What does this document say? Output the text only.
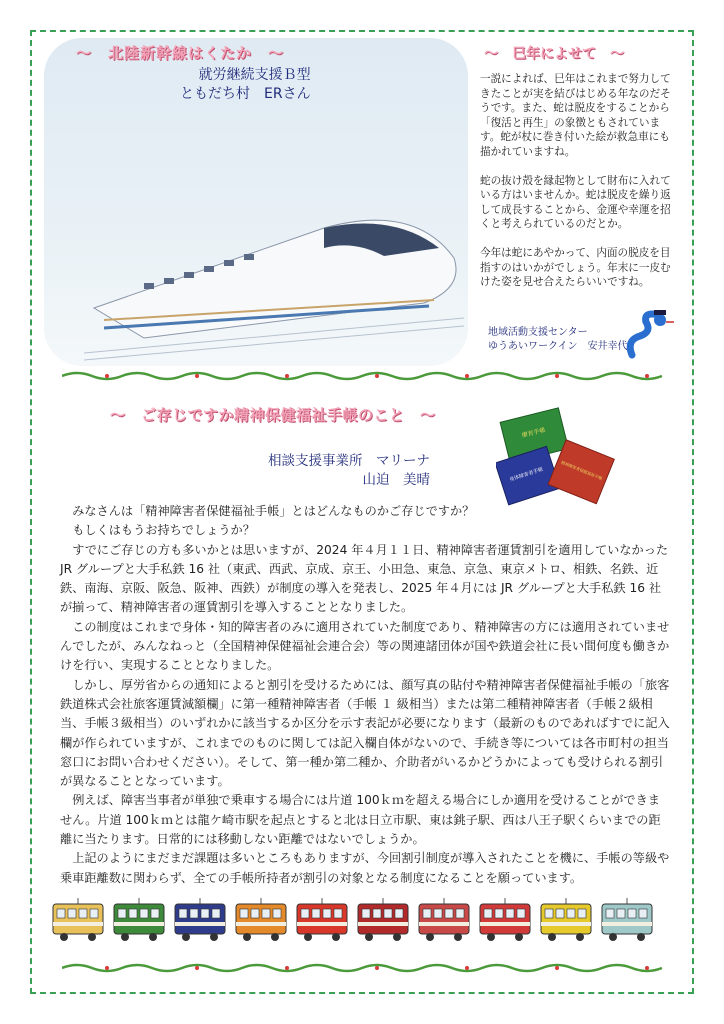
～　北陸新幹線はくたか　～
就労継続支援Ｂ型
ともだち村　ERさん
～　巳年によせて　～

一説によれば、巳年はこれまで努力してきたことが実を結びはじめる年なのだそうです。また、蛇は脱皮をすることから「復活と再生」の象徴ともされています。蛇が杖に巻き付いた絵が救急車にも描かれていますね。

蛇の抜け殻を縁起物として財布に入れている方はいませんか。蛇は脱皮を繰り返して成長することから、金運や幸運を招くと考えられているのだとか。

今年は蛇にあやかって、内面の脱皮を目指すのはいかがでしょう。年末に一皮むけた姿を見せ合えたらいいですね。

地域活動支援センター
ゆうあいワークイン　安井幸代
～　ご存じですか精神保健福祉手帳のこと　～
相談支援事業所　マリーナ
山迫　美晴
療育手帳
身体障害者手帳	精神障害者保健福祉手帳

みなさんは「精神障害者保健福祉手帳」とはどんなものかご存じですか？

もしくはもうお持ちでしょうか？

すでにご存じの方も多いかとは思いますが、2024 年４月１１日、精神障害者運賃割引を適用していなかった JR グループと大手私鉄 16 社（東武、西武、京成、京王、小田急、東急、京急、東京メトロ、相鉄、名鉄、近鉄、南海、京阪、阪急、阪神、西鉄）が制度の導入を発表し、2025 年４月には JR グループと大手私鉄 16 社が揃って、精神障害者の運賃割引を導入することとなりました。

この制度はこれまで身体・知的障害者のみに適用されていた制度であり、精神障害の方には適用されていませんでしたが、みんなねっと（全国精神保健福祉会連合会）等の関連諸団体が国や鉄道会社に長い間何度も働きかけを行い、実現することとなりました。

しかし、厚労省からの通知によると割引を受けるためには、顔写真の貼付や精神障害者保健福祉手帳の「旅客鉄道株式会社旅客運賃減額欄」に第一種精神障害者（手帳 １ 級相当）または第二種精神障害者（手帳２級相当、手帳３級相当）のいずれかに該当するか区分を示す表記が必要になります（最新のものであればすでに記入欄が作られていますが、これまでのものに関しては記入欄自体がないので、手続き等については各市町村の担当窓口にお問い合わせください）。そして、第一種か第二種か、介助者がいるかどうかによっても受けられる割引が異なることとなっています。

例えば、障害当事者が単独で乗車する場合には片道 100ｋｍを超える場合にしか適用を受けることができません。片道 100ｋｍとは龍ケ崎市駅を起点とすると北は日立市駅、東は銚子駅、西は八王子駅くらいまでの距離に当たります。日常的には移動しない距離ではないでしょうか。

上記のようにまだまだ課題は多いところもありますが、今回割引制度が導入されたことを機に、手帳の等級や乗車距離数に関わらず、全ての手帳所持者が割引の対象となる制度になることを願っています。
